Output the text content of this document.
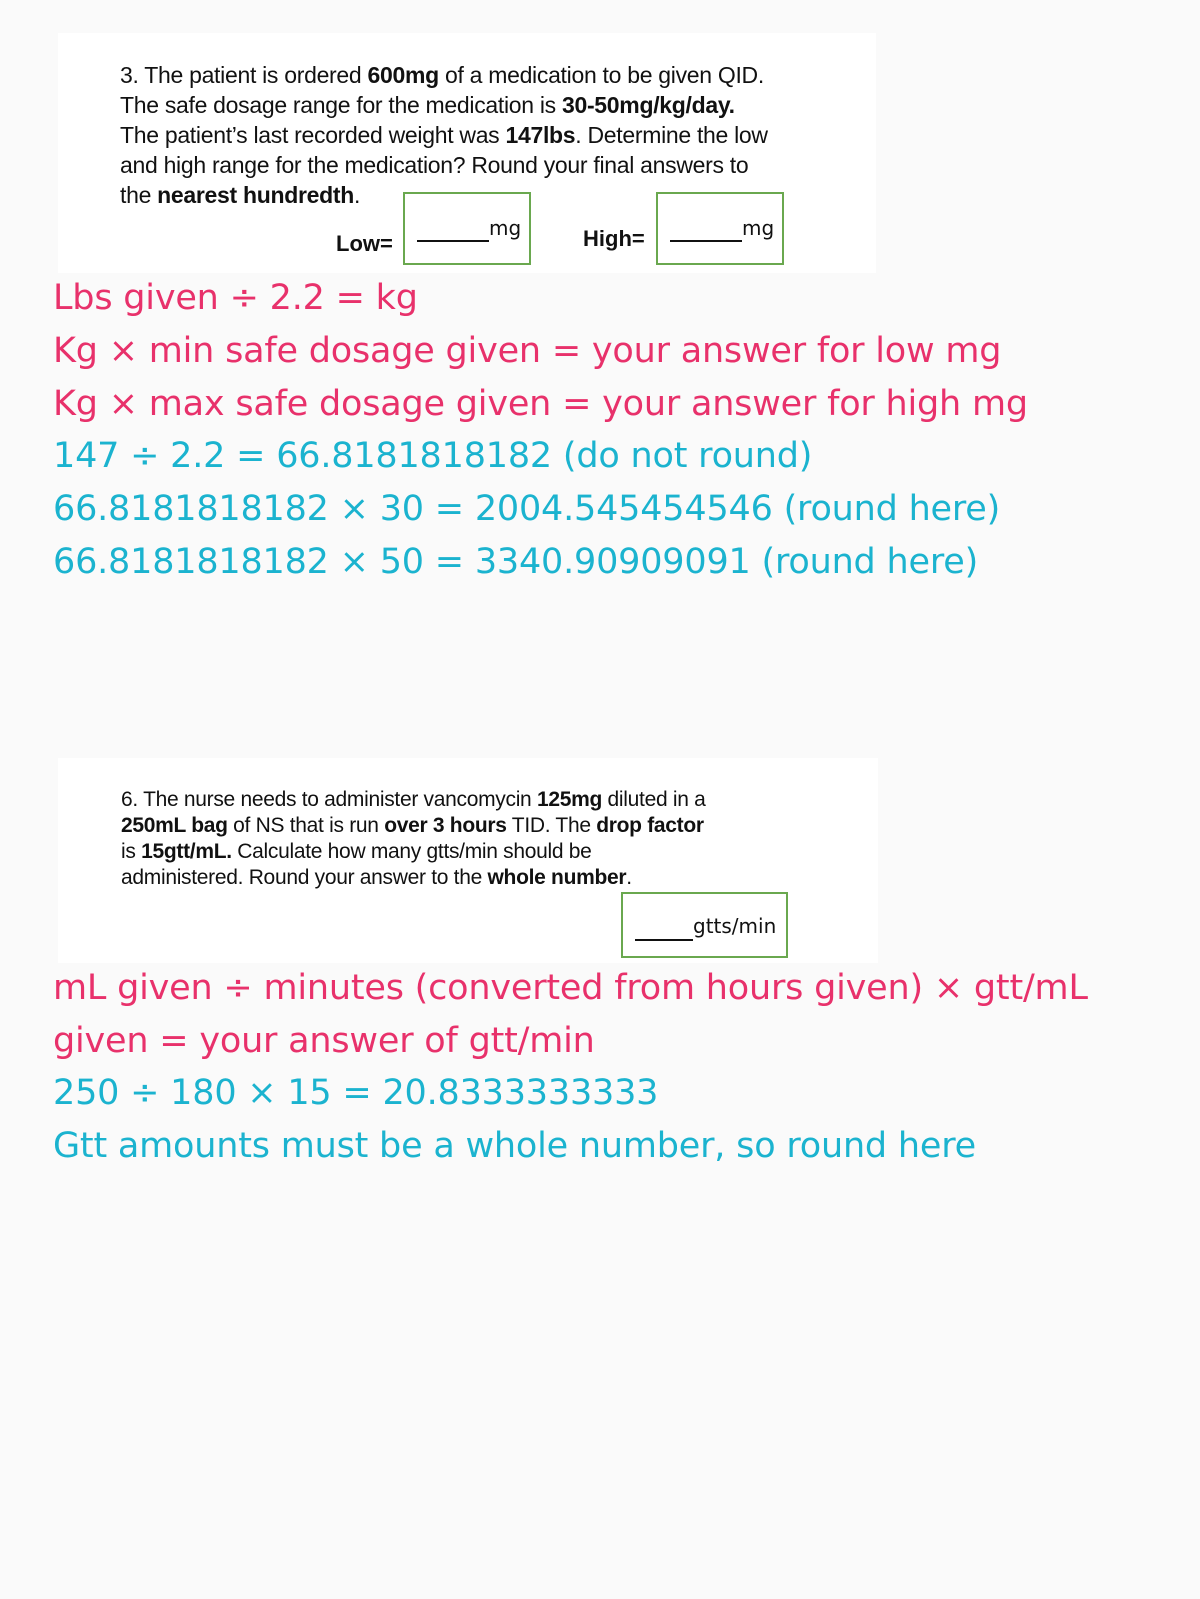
3. The patient is ordered 600mg of a medication to be given QID.
The safe dosage range for the medication is 30-50mg/kg/day.
The patient’s last recorded weight was 147lbs. Determine the low
and high range for the medication? Round your final answers to
the nearest hundredth.
Low=
mg	High=	mg
Lbs given ÷ 2.2 = kg
Kg × min safe dosage given = your answer for low mg
Kg × max safe dosage given = your answer for high mg
147 ÷ 2.2 = 66.8181818182 (do not round)
66.8181818182 × 30 = 2004.545454546 (round here)
66.8181818182 × 50 = 3340.90909091 (round here)
6. The nurse needs to administer vancomycin 125mg diluted in a
250mL bag of NS that is run over 3 hours TID. The drop factor
is 15gtt/mL. Calculate how many gtts/min should be
administered. Round your answer to the whole number.
gtts/min
mL given ÷ minutes (converted from hours given) × gtt/mL
given = your answer of gtt/min
250 ÷ 180 × 15 = 20.8333333333
Gtt amounts must be a whole number, so round here
